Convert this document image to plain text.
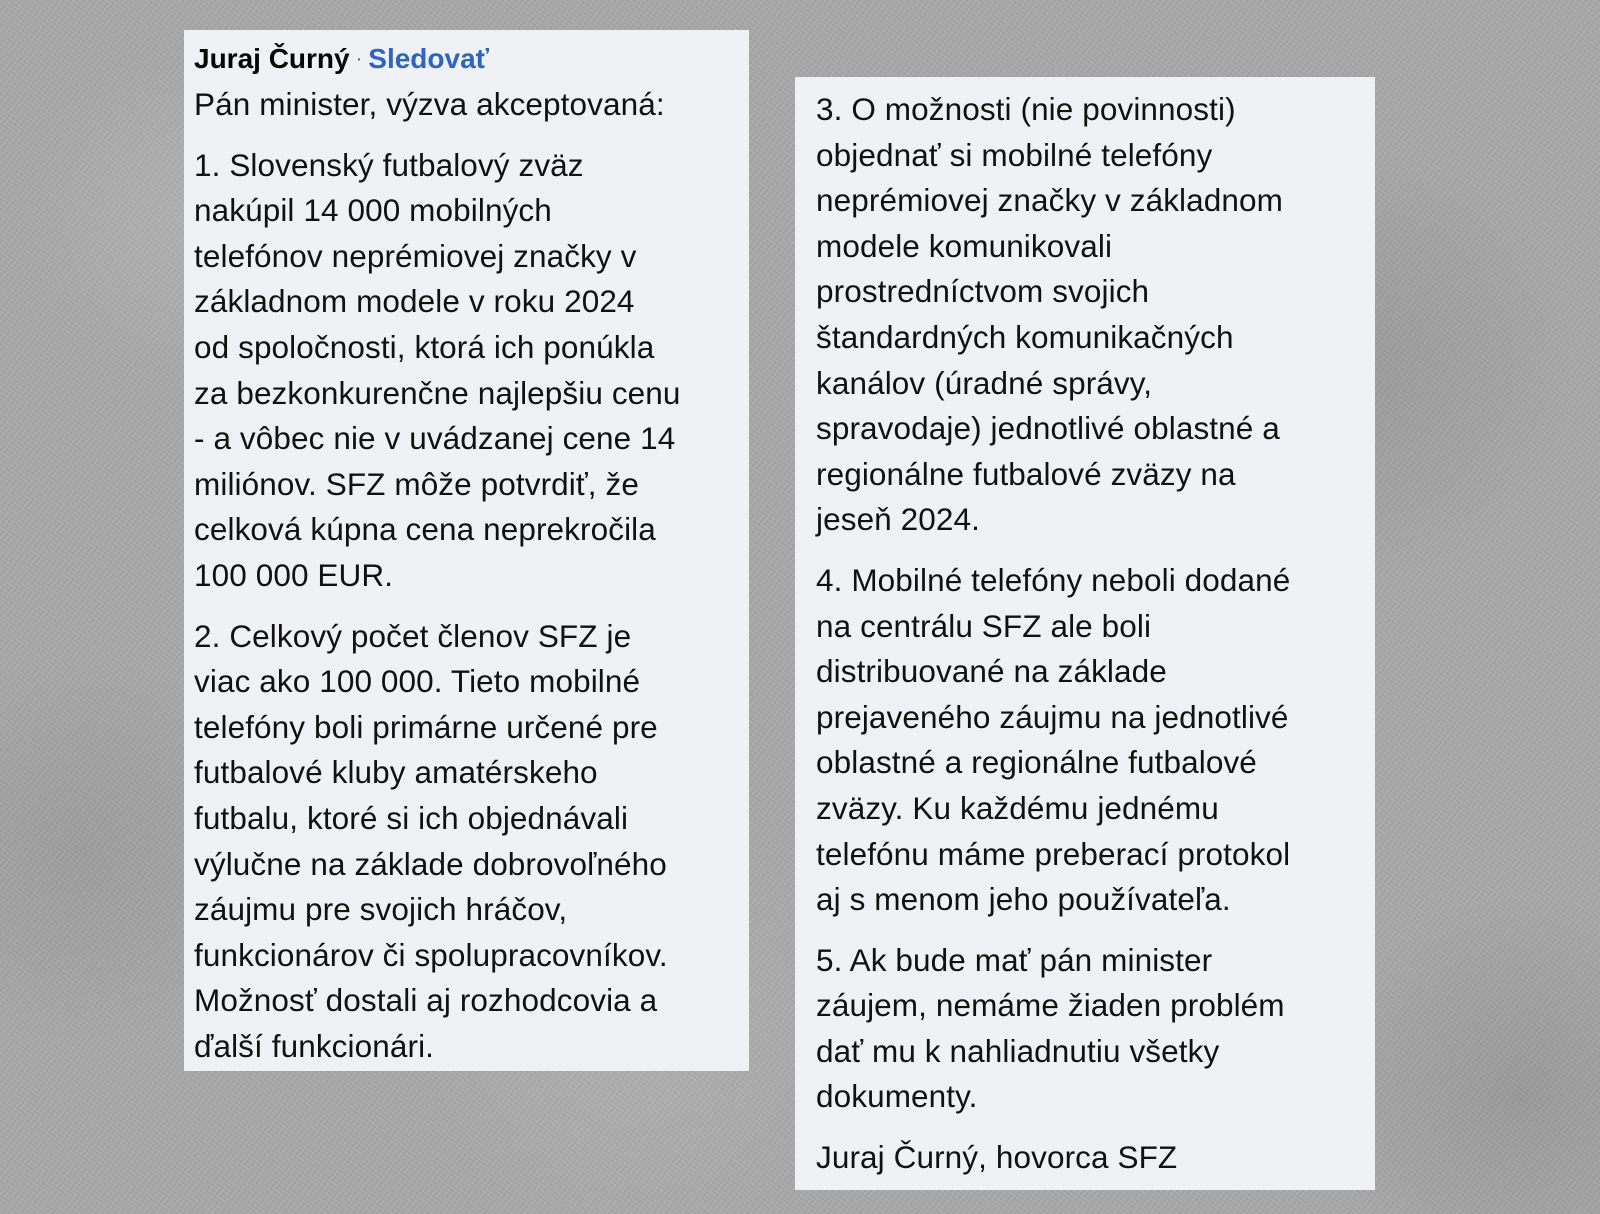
Juraj Čurný · Sledovať

Pán minister, výzva akceptovaná:

1. Slovenský futbalový zväz
nakúpil 14 000 mobilných
telefónov neprémiovej značky v
základnom modele v roku 2024
od spoločnosti, ktorá ich ponúkla
za bezkonkurenčne najlepšiu cenu
- a vôbec nie v uvádzanej cene 14
miliónov. SFZ môže potvrdiť, že
celková kúpna cena neprekročila
100 000 EUR.

2. Celkový počet členov SFZ je
viac ako 100 000. Tieto mobilné
telefóny boli primárne určené pre
futbalové kluby amatérskeho
futbalu, ktoré si ich objednávali
výlučne na základe dobrovoľného
záujmu pre svojich hráčov,
funkcionárov či spolupracovníkov.
Možnosť dostali aj rozhodcovia a
ďalší funkcionári.

3. O možnosti (nie povinnosti)
objednať si mobilné telefóny
neprémiovej značky v základnom
modele komunikovali
prostredníctvom svojich
štandardných komunikačných
kanálov (úradné správy,
spravodaje) jednotlivé oblastné a
regionálne futbalové zväzy na
jeseň 2024.

4. Mobilné telefóny neboli dodané
na centrálu SFZ ale boli
distribuované na základe
prejaveného záujmu na jednotlivé
oblastné a regionálne futbalové
zväzy. Ku každému jednému
telefónu máme preberací protokol
aj s menom jeho používateľa.

5. Ak bude mať pán minister
záujem, nemáme žiaden problém
dať mu k nahliadnutiu všetky
dokumenty.

Juraj Čurný, hovorca SFZ
